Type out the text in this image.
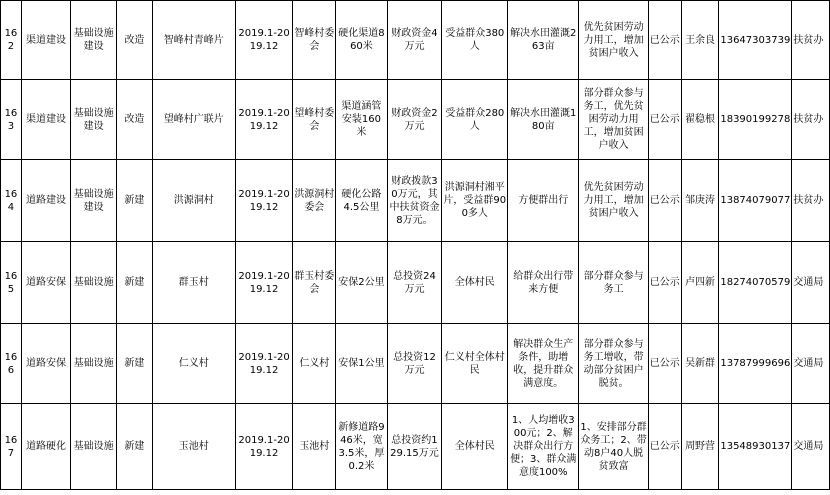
162	渠道建设	基础设施建设	改造	智峰村青峰片	2019.1-2019.12	智峰村委会	硬化渠道860米	财政资金4万元	受益群众380人	解决水田灌溉263亩	优先贫困劳动力用工，增加贫困户收入	已公示	王余良	13647303739	扶贫办
163	渠道建设	基础设施建设	改造	望峰村广联片	2019.1-2019.12	望峰村委会	渠道涵管安装160米	财政资金2万元	受益群众280人	解决水田灌溉180亩	部分群众参与务工，优先贫困劳动力用工，增加贫困户收入	已公示	翟稳根	18390199278	扶贫办
164	道路建设	基础设施建设	新建	洪源洞村	2019.1-2019.12	洪源洞村委会	硬化公路4.5公里	财政拨款30万元，其中扶贫资金8万元。	洪源洞村湘平片，受益群900多人	方便群出行	优先贫困劳动力用工，增加贫困户收入	已公示	邹庚涛	13874079077	扶贫办
165	道路安保	基础设施	新建	群玉村	2019.1-2019.12	群玉村委会	安保2公里	总投资24万元	全体村民	给群众出行带来方便	部分群众参与务工	已公示	卢四新	18274070579	交通局
166	道路安保	基础设施	新建	仁义村	2019.1-2019.12	仁义村	安保1公里	总投资12万元	仁义村全体村民	解决群众生产条件，助增收，提升群众满意度。	部分群众参与务工增收，带动部分贫困户脱贫。	已公示	吴新群	13787999696	交通局
167	道路硬化	基础设施	新建	玉池村	2019.1-2019.12	玉池村	新修道路946米，宽3.5米，厚0.2米	总投资约129.15万元	全体村民	1、人均增收300元；2、解决群众出行方便；3、群众满意度100%	1、安排部分群众务工；2、带动8户40人脱贫致富	已公示	周野营	13548930137	交通局
